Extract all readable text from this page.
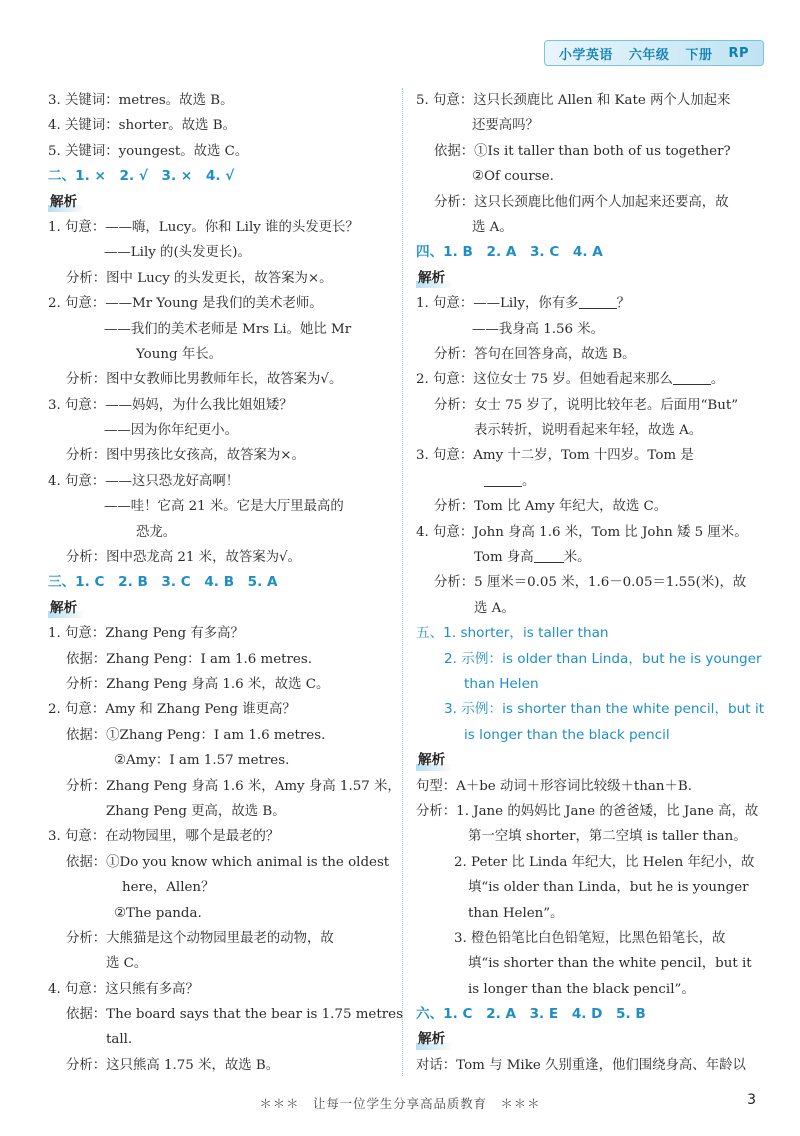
小学英语 六年级 下册 RP
3. 关键词：metres。故选 B。
4. 关键词：shorter。故选 B。
5. 关键词：youngest。故选 C。
二、1. ×　2. √　3. ×　4. √
解析
1. 句意：——嗨，Lucy。你和 Lily 谁的头发更长？
——Lily 的(头发更长)。
分析：图中 Lucy 的头发更长，故答案为×。
2. 句意：——Mr Young 是我们的美术老师。
——我们的美术老师是 Mrs Li。她比 Mr
Young 年长。
分析：图中女教师比男教师年长，故答案为√。
3. 句意：——妈妈，为什么我比姐姐矮？
——因为你年纪更小。
分析：图中男孩比女孩高，故答案为×。
4. 句意：——这只恐龙好高啊！
——哇！它高 21 米。它是大厅里最高的
恐龙。
分析：图中恐龙高 21 米，故答案为√。
三、1. C　2. B　3. C　4. B　5. A
解析
1. 句意：Zhang Peng 有多高？
依据：Zhang Peng：I am 1.6 metres.
分析：Zhang Peng 身高 1.6 米，故选 C。
2. 句意：Amy 和 Zhang Peng 谁更高？
依据：①Zhang Peng：I am 1.6 metres.
②Amy：I am 1.57 metres.
分析：Zhang Peng 身高 1.6 米，Amy 身高 1.57 米，
Zhang Peng 更高，故选 B。
3. 句意：在动物园里，哪个是最老的？
依据：①Do you know which animal is the oldest
here，Allen？
②The panda.
分析：大熊猫是这个动物园里最老的动物，故
选 C。
4. 句意：这只熊有多高？
依据：The board says that the bear is 1.75 metres
tall.
分析：这只熊高 1.75 米，故选 B。
5. 句意：这只长颈鹿比 Allen 和 Kate 两个人加起来
还要高吗？
依据：①Is it taller than both of us together?
②Of course.
分析：这只长颈鹿比他们两个人加起来还要高，故
选 A。
四、1. B　2. A　3. C　4. A
解析
1. 句意：——Lily，你有多	？
——我身高 1.56 米。
分析：答句在回答身高，故选 B。
2. 句意：这位女士 75 岁。但她看起来那么	。
分析：女士 75 岁了，说明比较年老。后面用“But”
表示转折，说明看起来年轻，故选 A。
3. 句意：Amy 十二岁，Tom 十四岁。Tom 是
。
分析：Tom 比 Amy 年纪大，故选 C。
4. 句意：John 身高 1.6 米，Tom 比 John 矮 5 厘米。
Tom 身高 米。
分析：5 厘米＝0.05 米，1.6－0.05＝1.55(米)，故
选 A。
五、1. shorter，is taller than
2. 示例：is older than Linda，but he is younger
than Helen
3. 示例：is shorter than the white pencil，but it
is longer than the black pencil
解析
句型：A＋be 动词＋形容词比较级＋than＋B.
分析：1. Jane 的妈妈比 Jane 的爸爸矮，比 Jane 高，故
第一空填 shorter，第二空填 is taller than。
2. Peter 比 Linda 年纪大，比 Helen 年纪小，故
填“is older than Linda，but he is younger
than Helen”。
3. 橙色铅笔比白色铅笔短，比黑色铅笔长，故
填“is shorter than the white pencil，but it
is longer than the black pencil”。
六、1. C　2. A　3. E　4. D　5. B
解析
对话：Tom 与 Mike 久别重逢，他们围绕身高、年龄以
＊＊＊　让每一位学生分享高品质教育　＊＊＊	3
